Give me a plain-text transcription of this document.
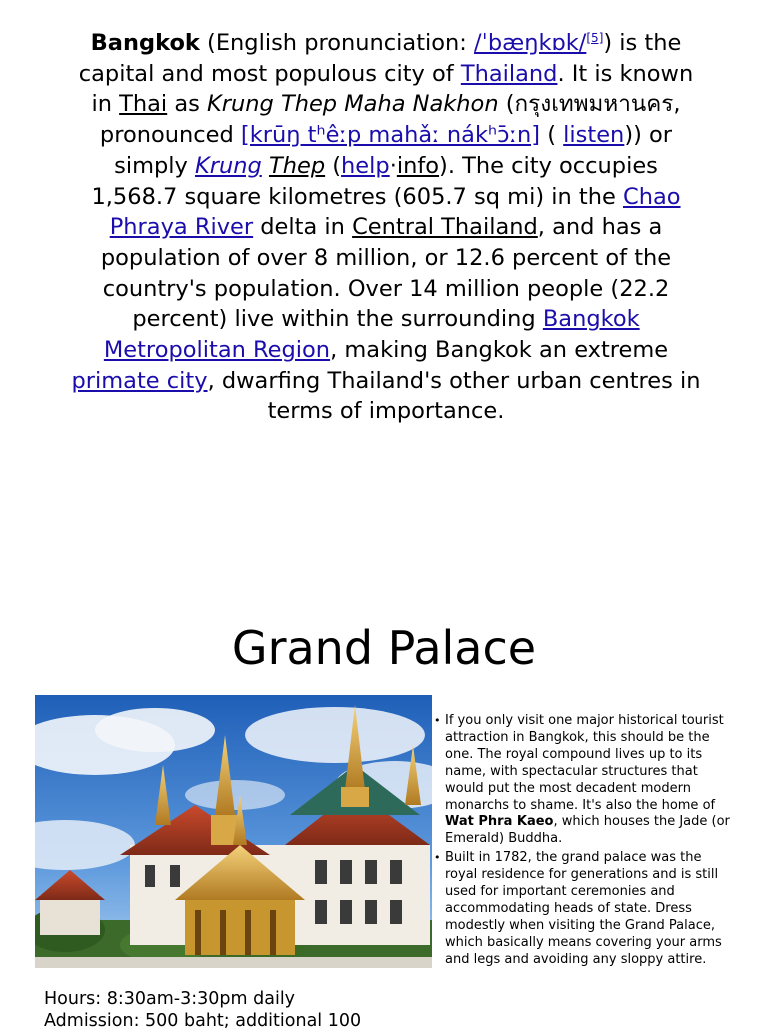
Bangkok (English pronunciation: /ˈbæŋkɒk/[5]) is the capital and most populous city of Thailand. It is known in Thai as Krung Thep Maha Nakhon (กรุงเทพมหานคร, pronounced [krūŋ tʰêːp mahǎː nákʰɔ̄ːn] ( listen)) or simply Krung Thep (help·info). The city occupies 1,568.7 square kilometres (605.7 sq mi) in the Chao Phraya River delta in Central Thailand, and has a population of over 8 million, or 12.6 percent of the country's population. Over 14 million people (22.2 percent) live within the surrounding Bangkok Metropolitan Region, making Bangkok an extreme primate city, dwarfing Thailand's other urban centres in terms of importance.
Grand Palace
• If you only visit one major historical tourist attraction in Bangkok, this should be the one. The royal compound lives up to its name, with spectacular structures that would put the most decadent modern monarchs to shame. It's also the home of Wat Phra Kaeo, which houses the Jade (or Emerald) Buddha.
• Built in 1782, the grand palace was the royal residence for generations and is still used for important ceremonies and accommodating heads of state. Dress modestly when visiting the Grand Palace, which basically means covering your arms and legs and avoiding any sloppy attire.
Hours: 8:30am-3:30pm daily
Admission: 500 baht; additional 100
